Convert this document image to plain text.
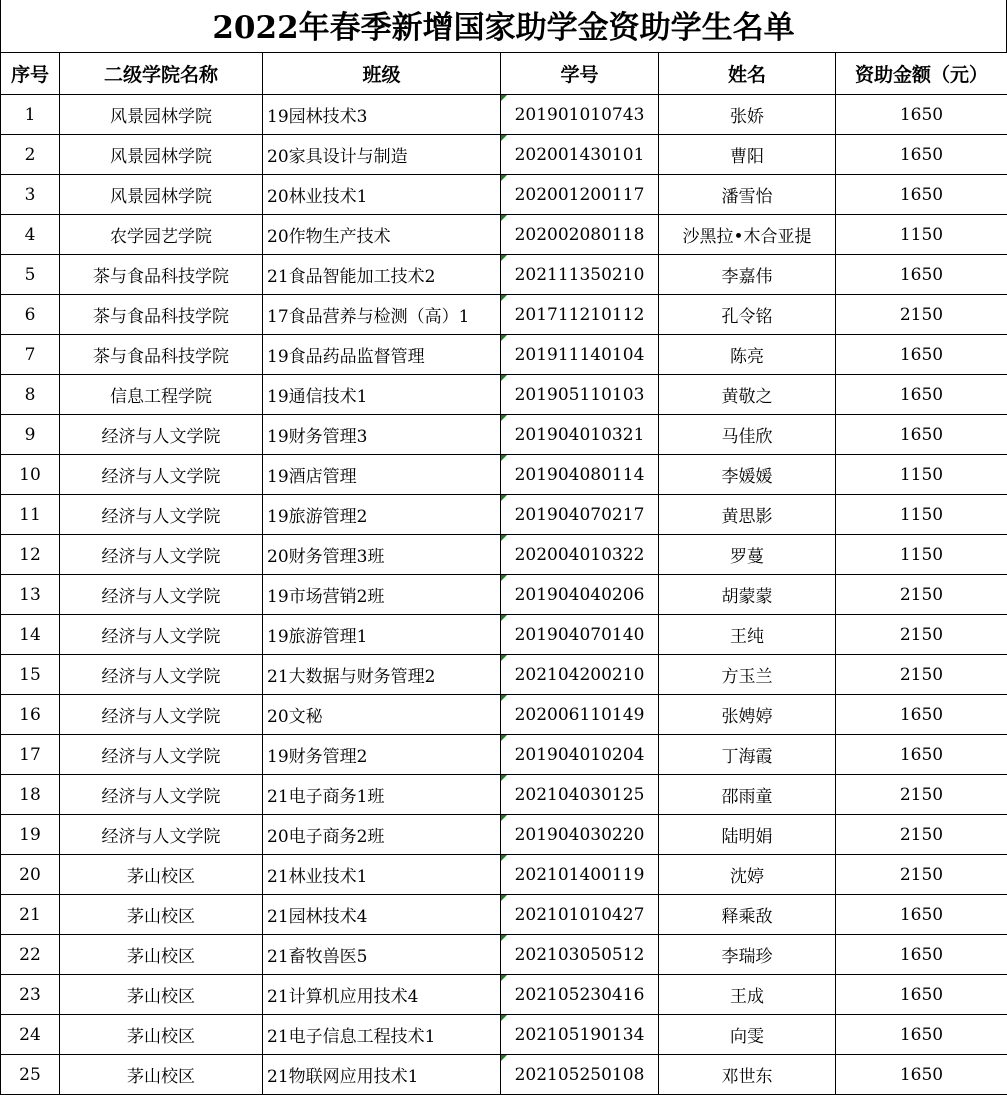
2022年春季新增国家助学金资助学生名单
序号	二级学院名称	班级	学号	姓名	资助金额（元）
1	风景园林学院	19园林技术3	201901010743	张娇	1650
2	风景园林学院	20家具设计与制造	202001430101	曹阳	1650
3	风景园林学院	20林业技术1	202001200117	潘雪怡	1650
4	农学园艺学院	20作物生产技术	202002080118	沙黑拉•木合亚提	1150
5	茶与食品科技学院	21食品智能加工技术2	202111350210	李嘉伟	1650
6	茶与食品科技学院	17食品营养与检测（高）1	201711210112	孔令铭	2150
7	茶与食品科技学院	19食品药品监督管理	201911140104	陈亮	1650
8	信息工程学院	19通信技术1	201905110103	黄敬之	1650
9	经济与人文学院	19财务管理3	201904010321	马佳欣	1650
10	经济与人文学院	19酒店管理	201904080114	李媛媛	1150
11	经济与人文学院	19旅游管理2	201904070217	黄思影	1150
12	经济与人文学院	20财务管理3班	202004010322	罗蔓	1150
13	经济与人文学院	19市场营销2班	201904040206	胡蒙蒙	2150
14	经济与人文学院	19旅游管理1	201904070140	王纯	2150
15	经济与人文学院	21大数据与财务管理2	202104200210	方玉兰	2150
16	经济与人文学院	20文秘	202006110149	张娉婷	1650
17	经济与人文学院	19财务管理2	201904010204	丁海霞	1650
18	经济与人文学院	21电子商务1班	202104030125	邵雨童	2150
19	经济与人文学院	20电子商务2班	201904030220	陆明娟	2150
20	茅山校区	21林业技术1	202101400119	沈婷	2150
21	茅山校区	21园林技术4	202101010427	释乘敌	1650
22	茅山校区	21畜牧兽医5	202103050512	李瑞珍	1650
23	茅山校区	21计算机应用技术4	202105230416	王成	1650
24	茅山校区	21电子信息工程技术1	202105190134	向雯	1650
25	茅山校区	21物联网应用技术1	202105250108	邓世东	1650
